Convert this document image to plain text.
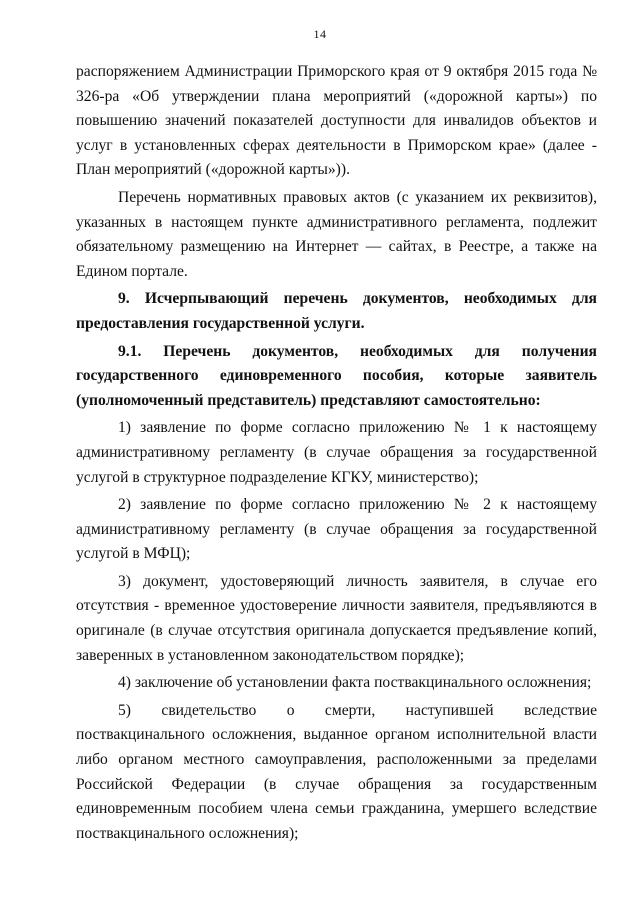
14

распоряжением Администрации Приморского края от 9 октября 2015 года № 326-ра «Об утверждении плана мероприятий («дорожной карты») по повышению значений показателей доступности для инвалидов объектов и услуг в установленных сферах деятельности в Приморском крае» (далее - План мероприятий («дорожной карты»)).

Перечень нормативных правовых актов (с указанием их реквизитов), указанных в настоящем пункте административного регламента, подлежит обязательному размещению на Интернет — сайтах, в Реестре, а также на Едином портале.

9. Исчерпывающий перечень документов, необходимых для предоставления государственной услуги.

9.1. Перечень документов, необходимых для получения государственного единовременного пособия, которые заявитель (уполномоченный представитель) представляют самостоятельно:

1) заявление по форме согласно приложению № 1 к настоящему административному регламенту (в случае обращения за государственной услугой в структурное подразделение КГКУ, министерство);

2) заявление по форме согласно приложению № 2 к настоящему административному регламенту (в случае обращения за государственной услугой в МФЦ);

3) документ, удостоверяющий личность заявителя, в случае его отсутствия - временное удостоверение личности заявителя, предъявляются в оригинале (в случае отсутствия оригинала допускается предъявление копий, заверенных в установленном законодательством порядке);

4) заключение об установлении факта поствакцинального осложнения;

5) свидетельство о смерти, наступившей вследствие поствакцинального осложнения, выданное органом исполнительной власти либо органом местного самоуправления, расположенными за пределами Российской Федерации (в случае обращения за государственным единовременным пособием члена семьи гражданина, умершего вследствие поствакцинального осложнения);
